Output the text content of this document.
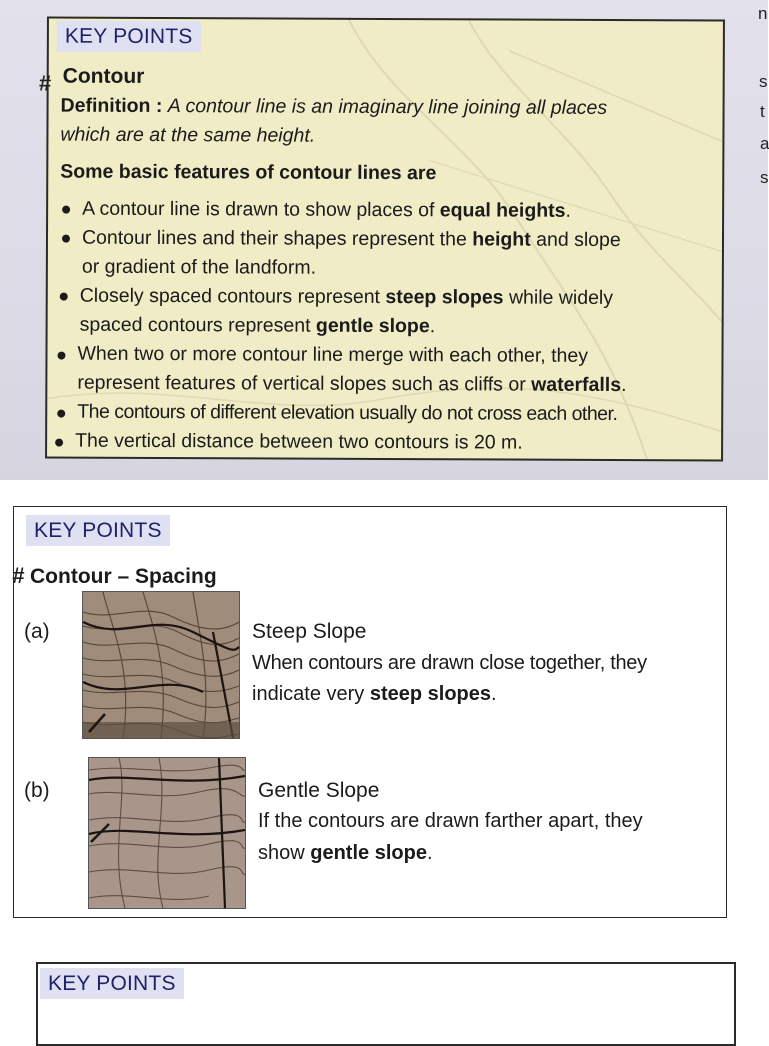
n
s
t
a
s
KEY POINTS
# Contour
Definition : A contour line is an imaginary line joining all places
which are at the same height.
Some basic features of contour lines are
A contour line is drawn to show places of equal heights.
Contour lines and their shapes represent the height and slope
or gradient of the landform.
Closely spaced contours represent steep slopes while widely
spaced contours represent gentle slope.
When two or more contour line merge with each other, they
represent features of vertical slopes such as cliffs or waterfalls.
The contours of different elevation usually do not cross each other.
The vertical distance between two contours is 20 m.
KEY POINTS
# Contour – Spacing
(a)	Steep Slope
When contours are drawn close together, they
indicate very steep slopes.
(b)	Gentle Slope
If the contours are drawn farther apart, they
show gentle slope.
KEY POINTS
